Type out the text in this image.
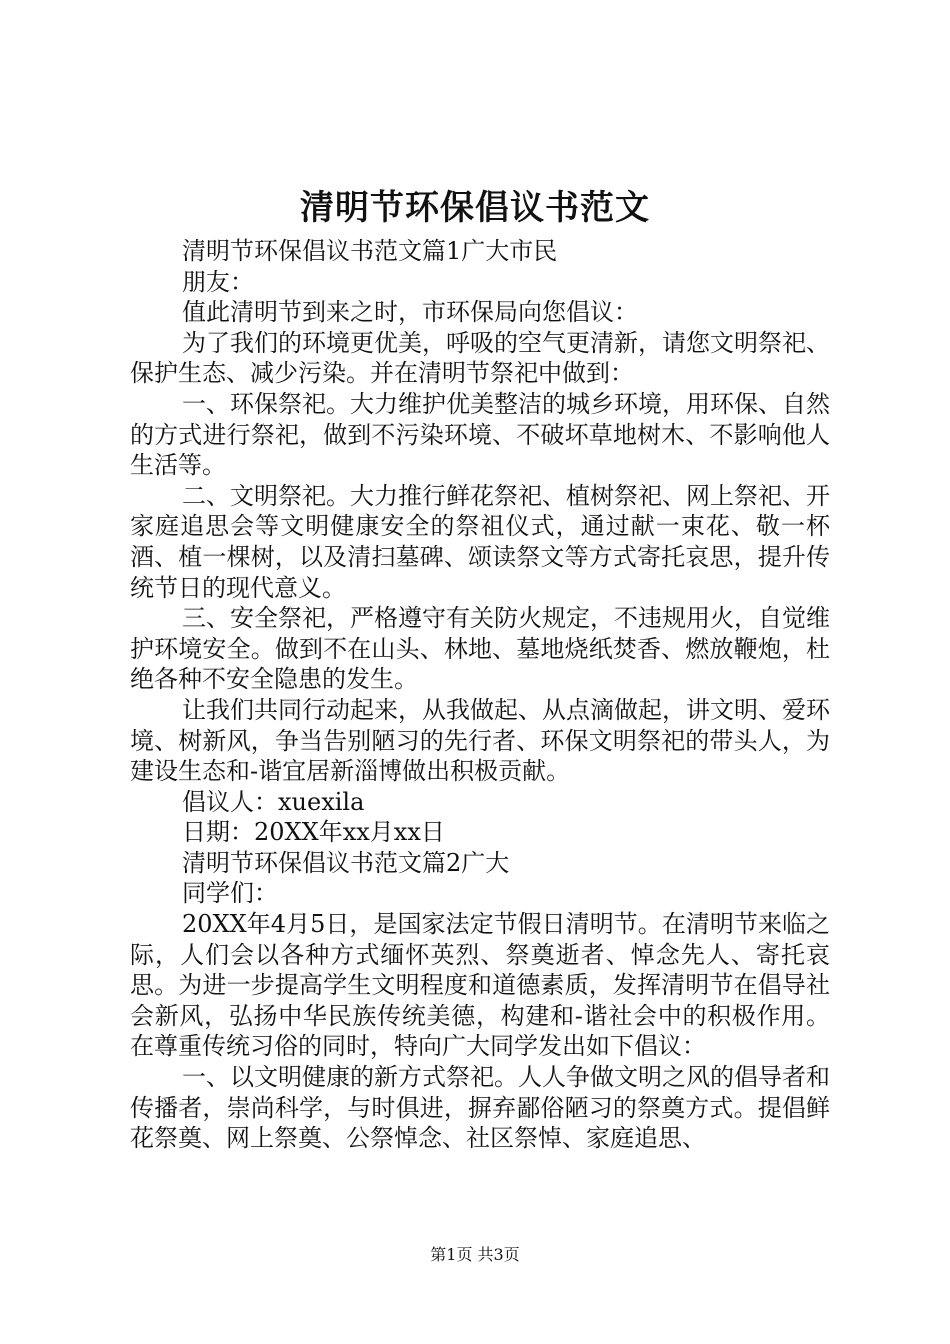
清明节环保倡议书范文

清明节环保倡议书范文篇1广大市民

朋友：

值此清明节到来之时，市环保局向您倡议：

为了我们的环境更优美，呼吸的空气更清新，请您文明祭祀、保护生态、减少污染。并在清明节祭祀中做到：

一、环保祭祀。大力维护优美整洁的城乡环境，用环保、自然的方式进行祭祀，做到不污染环境、不破坏草地树木、不影响他人生活等。

二、文明祭祀。大力推行鲜花祭祀、植树祭祀、网上祭祀、开家庭追思会等文明健康安全的祭祖仪式，通过献一束花、敬一杯酒、植一棵树，以及清扫墓碑、颂读祭文等方式寄托哀思，提升传统节日的现代意义。

三、安全祭祀，严格遵守有关防火规定，不违规用火，自觉维护环境安全。做到不在山头、林地、墓地烧纸焚香、燃放鞭炮，杜绝各种不安全隐患的发生。

让我们共同行动起来，从我做起、从点滴做起，讲文明、爱环境、树新风，争当告别陋习的先行者、环保文明祭祀的带头人，为建设生态和-谐宜居新淄博做出积极贡献。

倡议人：xuexila

日期：20XX年xx月xx日

清明节环保倡议书范文篇2广大

同学们：

20XX年4月5日，是国家法定节假日清明节。在清明节来临之际，人们会以各种方式缅怀英烈、祭奠逝者、悼念先人、寄托哀思。为进一步提高学生文明程度和道德素质，发挥清明节在倡导社会新风，弘扬中华民族传统美德，构建和-谐社会中的积极作用。在尊重传统习俗的同时，特向广大同学发出如下倡议：

一、以文明健康的新方式祭祀。人人争做文明之风的倡导者和传播者，崇尚科学，与时俱进，摒弃鄙俗陋习的祭奠方式。提倡鲜花祭奠、网上祭奠、公祭悼念、社区祭悼、家庭追思、

第1页 共3页
